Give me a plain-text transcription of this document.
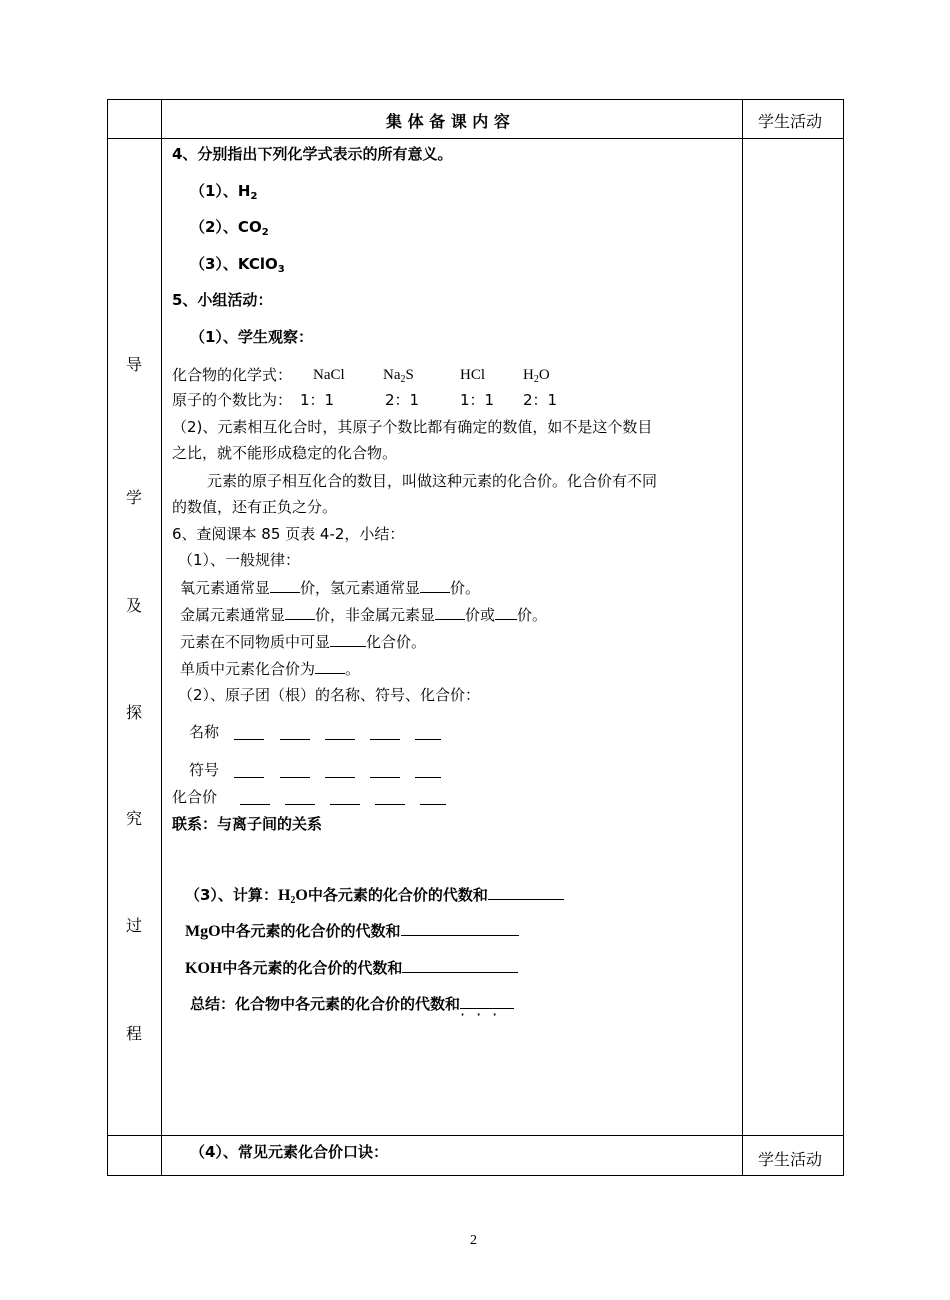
集 体 备 课 内 容	学生活动
导
学
及
探
究
过
程
4、分别指出下列化学式表示的所有意义。
（1）、$H_2$
（2）、$CO_2$
（3）、KClO$_3$
5、小组活动：
（1）、学生观察：
化合物的化学式： NaCl	$Na_2S$	HCl	$H_2O$
原子的个数比为： 1：1	2：1	1：1 2：1
（2)、元素相互化合时，其原子个数比都有确定的数值，如不是这个数目
之比，就不能形成稳定的化合物。
元素的原子相互化合的数目，叫做这种元素的化合价。化合价有不同
的数值，还有正负之分。
6、查阅课本 85 页表 4-2，小结：
（1）、一般规律：
氧元素通常显 价，氢元素通常显 价。
金属元素通常显 价，非金属元素显 价或 价。
元素在不同物质中可显 化合价。
单质中元素化合价为 。
（2）、原子团（根）的名称、符号、化合价：
名称
符号
化合价
联系：与离子间的关系
（3）、计算：$H_2O$中各元素的化合价的代数和
MgO中各元素的化合价的代数和
KOH中各元素的化合价的代数和
总结：化合物中各元素的化合价的代数和
···
（4）、常见元素化合价口诀：	学生活动
2
